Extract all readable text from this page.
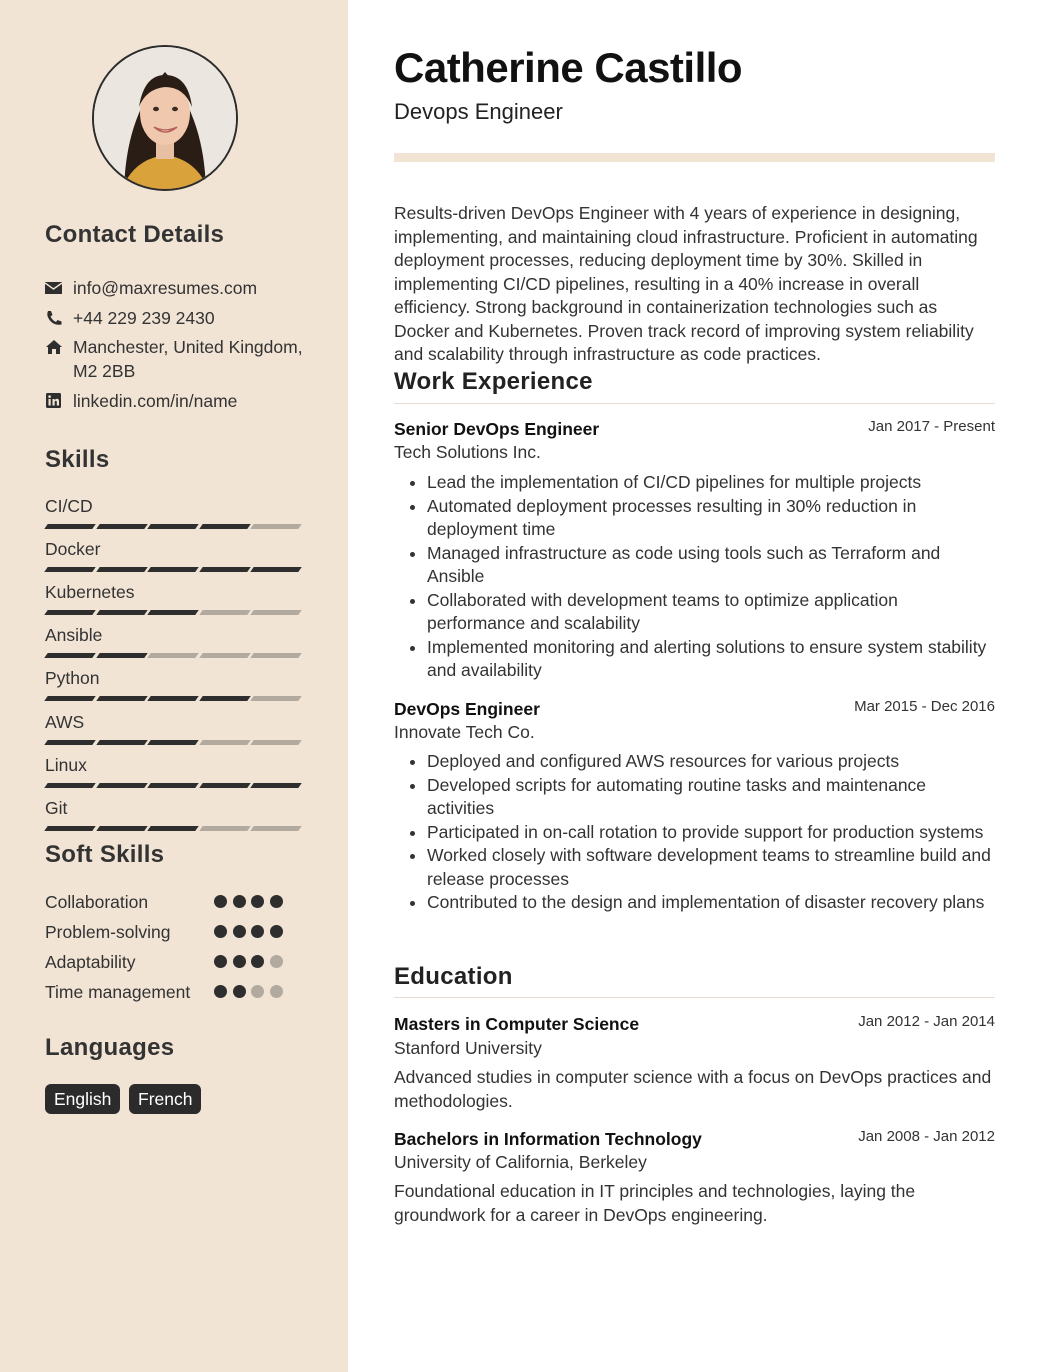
Contact Details
info@maxresumes.com
+44 229 239 2430
Manchester, United Kingdom, M2 2BB
linkedin.com/in/name
Skills
CI/CD
Docker
Kubernetes
Ansible
Python
AWS
Linux
Git
Soft Skills
Collaboration
Problem-solving
Adaptability
Time management
Languages
English	French
Catherine Castillo
Devops Engineer

Results-driven DevOps Engineer with 4 years of experience in designing, implementing, and maintaining cloud infrastructure. Proficient in automating deployment processes, reducing deployment time by 30%. Skilled in implementing CI/CD pipelines, resulting in a 40% increase in overall efficiency. Strong background in containerization technologies such as Docker and Kubernetes. Proven track record of improving system reliability and scalability through infrastructure as code practices.

Work Experience
Senior DevOps Engineer	Jan 2017 - Present
Tech Solutions Inc.
• Lead the implementation of CI/CD pipelines for multiple projects
• Automated deployment processes resulting in 30% reduction in deployment time
• Managed infrastructure as code using tools such as Terraform and Ansible
• Collaborated with development teams to optimize application performance and scalability
• Implemented monitoring and alerting solutions to ensure system stability and availability
DevOps Engineer	Mar 2015 - Dec 2016
Innovate Tech Co.
• Deployed and configured AWS resources for various projects
• Developed scripts for automating routine tasks and maintenance activities
• Participated in on-call rotation to provide support for production systems
• Worked closely with software development teams to streamline build and release processes
• Contributed to the design and implementation of disaster recovery plans
Education
Masters in Computer Science	Jan 2012 - Jan 2014
Stanford University

Advanced studies in computer science with a focus on DevOps practices and methodologies.

Bachelors in Information Technology	Jan 2008 - Jan 2012
University of California, Berkeley

Foundational education in IT principles and technologies, laying the groundwork for a career in DevOps engineering.
